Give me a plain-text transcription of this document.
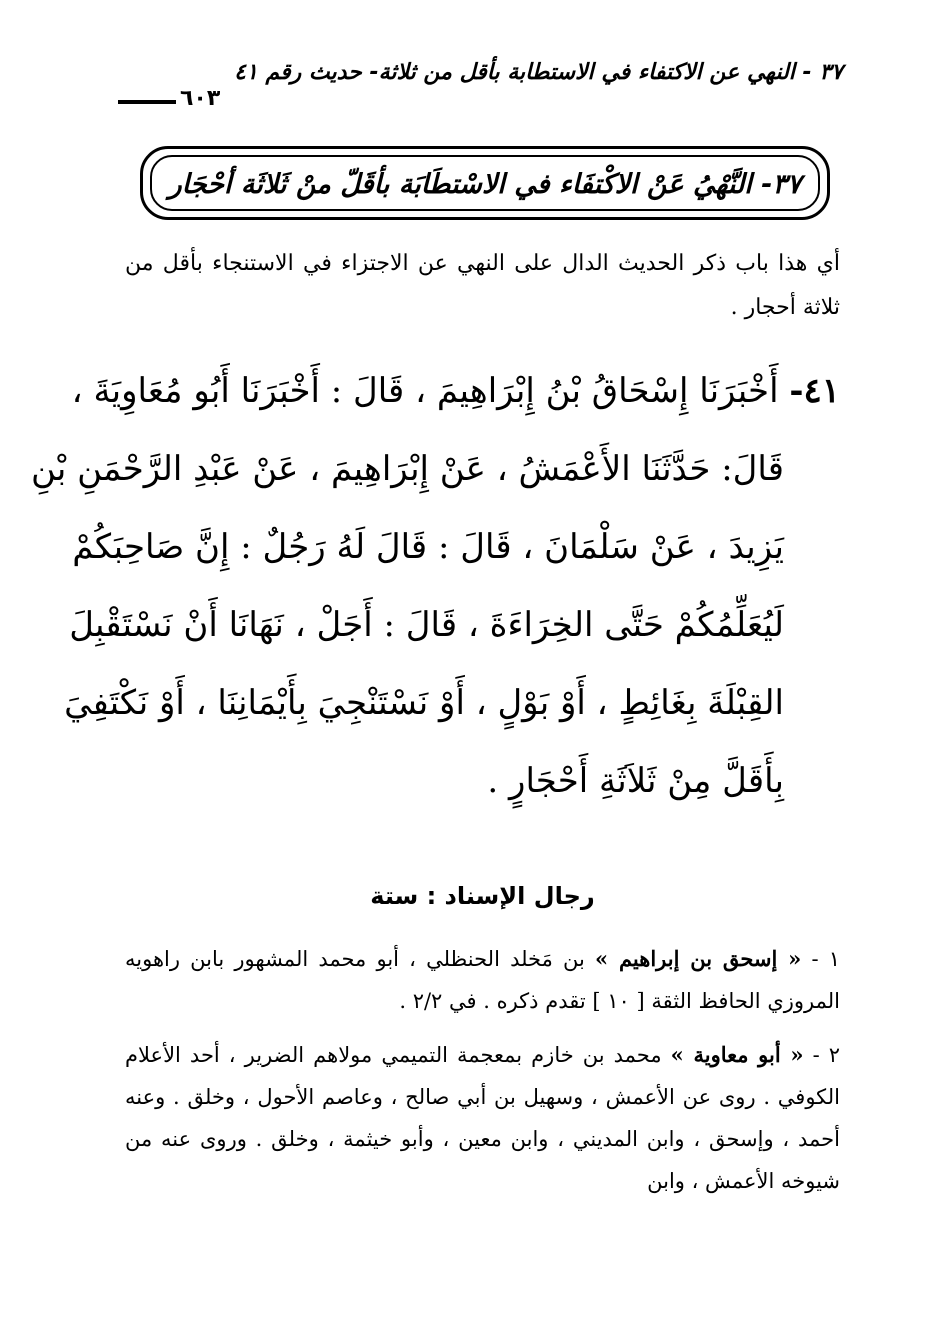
٣٧ - النهي عن الاكتفاء في الاستطابة بأقل من ثلاثة- حديث رقم ٤١
٦٠٣
٣٧- النَّهْيُ عَنْ الاكْتفَاء في الاسْتطَابَة بأقَلّ منْ ثَلاثَة أحْجَار
أي هذا باب ذكر الحديث الدال على النهي عن الاجتزاء في الاستنجاء بأقل من ثلاثة أحجار .
٤١- أَخْبَرَنَا إِسْحَاقُ بْنُ إِبْرَاهِيمَ ، قَالَ : أَخْبَرَنَا أَبُو مُعَاوِيَةَ ،
قَالَ: حَدَّثَنَا الأَعْمَشُ ، عَنْ إِبْرَاهِيمَ ، عَنْ عَبْدِ الرَّحْمَنِ بْنِ
يَزِيدَ ، عَنْ سَلْمَانَ ، قَالَ : قَالَ لَهُ رَجُلٌ : إِنَّ صَاحِبَكُمْ
لَيُعَلِّمُكُمْ حَتَّى الخِرَاءَةَ ، قَالَ : أَجَلْ ، نَهَانَا أَنْ نَسْتَقْبِلَ
القِبْلَةَ بِغَائِطٍ ، أَوْ بَوْلٍ ، أَوْ نَسْتَنْجِيَ بِأَيْمَانِنَا ، أَوْ نَكْتَفِيَ
بِأَقَلَّ مِنْ ثَلاَثَةِ أَحْجَارٍ .
رجال الإسناد : ستة
١ - « إسحق بن إبراهيم » بن مَخلد الحنظلي ، أبو محمد المشهور بابن راهويه المروزي الحافظ الثقة [ ١٠ ] تقدم ذكره . في ٢/٢ .
٢ - « أبو معاوية » محمد بن خازم بمعجمة التميمي مولاهم الضرير ، أحد الأعلام الكوفي . روى عن الأعمش ، وسهيل بن أبي صالح ، وعاصم الأحول ، وخلق . وعنه أحمد ، وإسحق ، وابن المديني ، وابن معين ، وأبو خيثمة ، وخلق . وروى عنه من شيوخه الأعمش ، وابن
